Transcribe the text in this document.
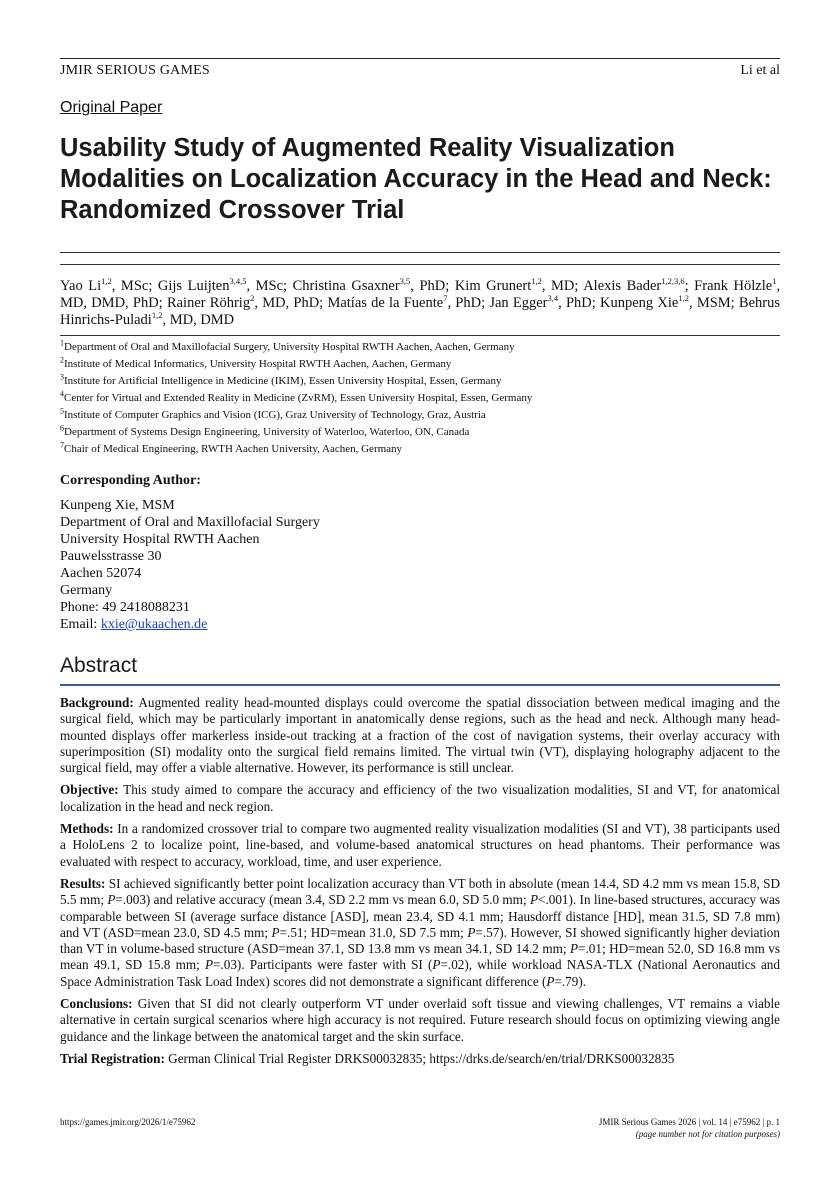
JMIR SERIOUS GAMES	Li et al
Original Paper
Usability Study of Augmented Reality Visualization Modalities on Localization Accuracy in the Head and Neck: Randomized Crossover Trial
Yao Li$^{1,2}$, MSc; Gijs Luijten$^{3,4,5}$, MSc; Christina Gsaxner$^{3,5}$, PhD; Kim Grunert$^{1,2}$, MD; Alexis Bader$^{1,2,3,6}$; Frank Hölzle$^1$, MD, DMD, PhD; Rainer Röhrig$^2$, MD, PhD; Matías de la Fuente$^7$, PhD; Jan Egger$^{3,4}$, PhD; Kunpeng Xie$^{1,2}$, MSM; Behrus Hinrichs-Puladi$^{1,2}$, MD, DMD
$^1$Department of Oral and Maxillofacial Surgery, University Hospital RWTH Aachen, Aachen, Germany
$^2$Institute of Medical Informatics, University Hospital RWTH Aachen, Aachen, Germany
$^3$Institute for Artificial Intelligence in Medicine (IKIM), Essen University Hospital, Essen, Germany
$^4$Center for Virtual and Extended Reality in Medicine (ZvRM), Essen University Hospital, Essen, Germany
$^5$Institute of Computer Graphics and Vision (ICG), Graz University of Technology, Graz, Austria
$^6$Department of Systems Design Engineering, University of Waterloo, Waterloo, ON, Canada
$^7$Chair of Medical Engineering, RWTH Aachen University, Aachen, Germany
Corresponding Author:
Kunpeng Xie, MSM
Department of Oral and Maxillofacial Surgery
University Hospital RWTH Aachen
Pauwelsstrasse 30
Aachen 52074
Germany
Phone: 49 2418088231
Email: kxie@ukaachen.de
Abstract

Background: Augmented reality head-mounted displays could overcome the spatial dissociation between medical imaging and the surgical field, which may be particularly important in anatomically dense regions, such as the head and neck. Although many head-mounted displays offer markerless inside-out tracking at a fraction of the cost of navigation systems, their overlay accuracy with superimposition (SI) modality onto the surgical field remains limited. The virtual twin (VT), displaying holography adjacent to the surgical field, may offer a viable alternative. However, its performance is still unclear.

Objective: This study aimed to compare the accuracy and efficiency of the two visualization modalities, SI and VT, for anatomical localization in the head and neck region.

Methods: In a randomized crossover trial to compare two augmented reality visualization modalities (SI and VT), 38 participants used a HoloLens 2 to localize point, line-based, and volume-based anatomical structures on head phantoms. Their performance was evaluated with respect to accuracy, workload, time, and user experience.

Results: SI achieved significantly better point localization accuracy than VT both in absolute (mean 14.4, SD 4.2 mm vs mean 15.8, SD 5.5 mm; P=.003) and relative accuracy (mean 3.4, SD 2.2 mm vs mean 6.0, SD 5.0 mm; P<.001). In line-based structures, accuracy was comparable between SI (average surface distance [ASD], mean 23.4, SD 4.1 mm; Hausdorff distance [HD], mean 31.5, SD 7.8 mm) and VT (ASD=mean 23.0, SD 4.5 mm; P=.51; HD=mean 31.0, SD 7.5 mm; P=.57). However, SI showed significantly higher deviation than VT in volume-based structure (ASD=mean 37.1, SD 13.8 mm vs mean 34.1, SD 14.2 mm; P=.01; HD=mean 52.0, SD 16.8 mm vs mean 49.1, SD 15.8 mm; P=.03). Participants were faster with SI (P=.02), while workload NASA-TLX (National Aeronautics and Space Administration Task Load Index) scores did not demonstrate a significant difference (P=.79).

Conclusions: Given that SI did not clearly outperform VT under overlaid soft tissue and viewing challenges, VT remains a viable alternative in certain surgical scenarios where high accuracy is not required. Future research should focus on optimizing viewing angle guidance and the linkage between the anatomical target and the skin surface.

Trial Registration: German Clinical Trial Register DRKS00032835; https://drks.de/search/en/trial/DRKS00032835

https://games.jmir.org/2026/1/e75962	JMIR Serious Games 2026 | vol. 14 | e75962 | p. 1
(page number not for citation purposes)
